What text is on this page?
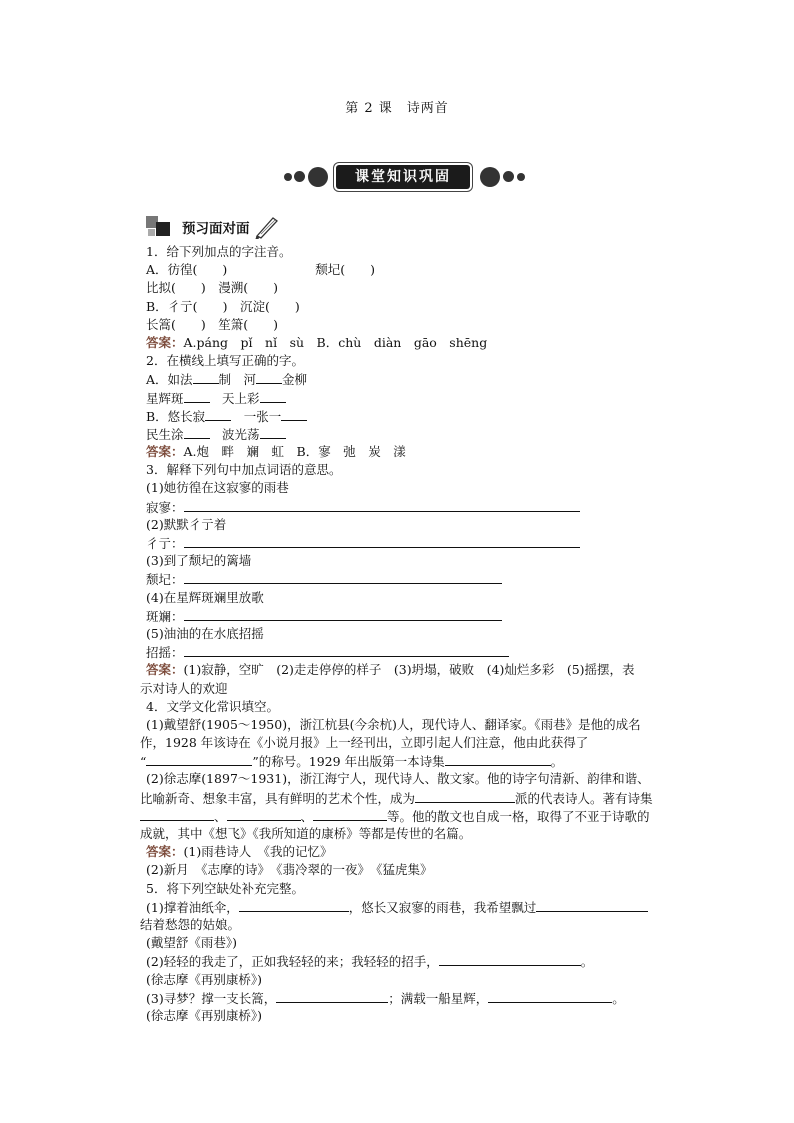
第 2 课　诗两首
课堂知识巩固
预习面对面
1．给下列加点的字注音。
A．彷徨(　　)	颓圮(　　)
比拟(　　)　漫溯(　　)
B．彳亍(　　)　沉淀(　　)
长篙(　　)　笙箫(　　)
答案：A.páng　pǐ　nǐ　sù　B．chù　diàn　gāo　shēng
2．在横线上填写正确的字。
A．如法 制　河 金柳
星辉斑　天上彩
B．悠长寂　一张一
民生涂　波光荡
答案：A.炮　畔　斓　虹　B．寥　弛　炭　漾
3．解释下列句中加点词语的意思。
(1)她彷徨在这寂寥的雨巷
寂寥：
(2)默默彳亍着
彳亍：
(3)到了颓圮的篱墙
颓圮：
(4)在星辉斑斓里放歌
斑斓：
(5)油油的在水底招摇
招摇：
答案：(1)寂静，空旷　(2)走走停停的样子　(3)坍塌，破败　(4)灿烂多彩　(5)摇摆，表
示对诗人的欢迎
4．文学文化常识填空。
(1)戴望舒(1905～1950)，浙江杭县(今余杭)人，现代诗人、翻译家。《雨巷》是他的成名
作，1928 年该诗在《小说月报》上一经刊出，立即引起人们注意，他由此获得了
“	”的称号。1929 年出版第一本诗集	。
(2)徐志摩(1897～1931)，浙江海宁人，现代诗人、散文家。他的诗字句清新、韵律和谐、
比喻新奇、想象丰富，具有鲜明的艺术个性，成为	派的代表诗人。著有诗集
、	、	等。他的散文也自成一格，取得了不亚于诗歌的
成就，其中《想飞》《我所知道的康桥》等都是传世的名篇。
答案：(1)雨巷诗人　《我的记忆》
(2)新月　《志摩的诗》　《翡冷翠的一夜》　《猛虎集》
5．将下列空缺处补充完整。
(1)撑着油纸伞，	，悠长又寂寥的雨巷，我希望飘过
结着愁怨的姑娘。
(戴望舒《雨巷》)
(2)轻轻的我走了，正如我轻轻的来；我轻轻的招手，	。
(徐志摩《再别康桥》)
(3)寻梦？撑一支长篙，	；满载一船星辉，	。
(徐志摩《再别康桥》)
